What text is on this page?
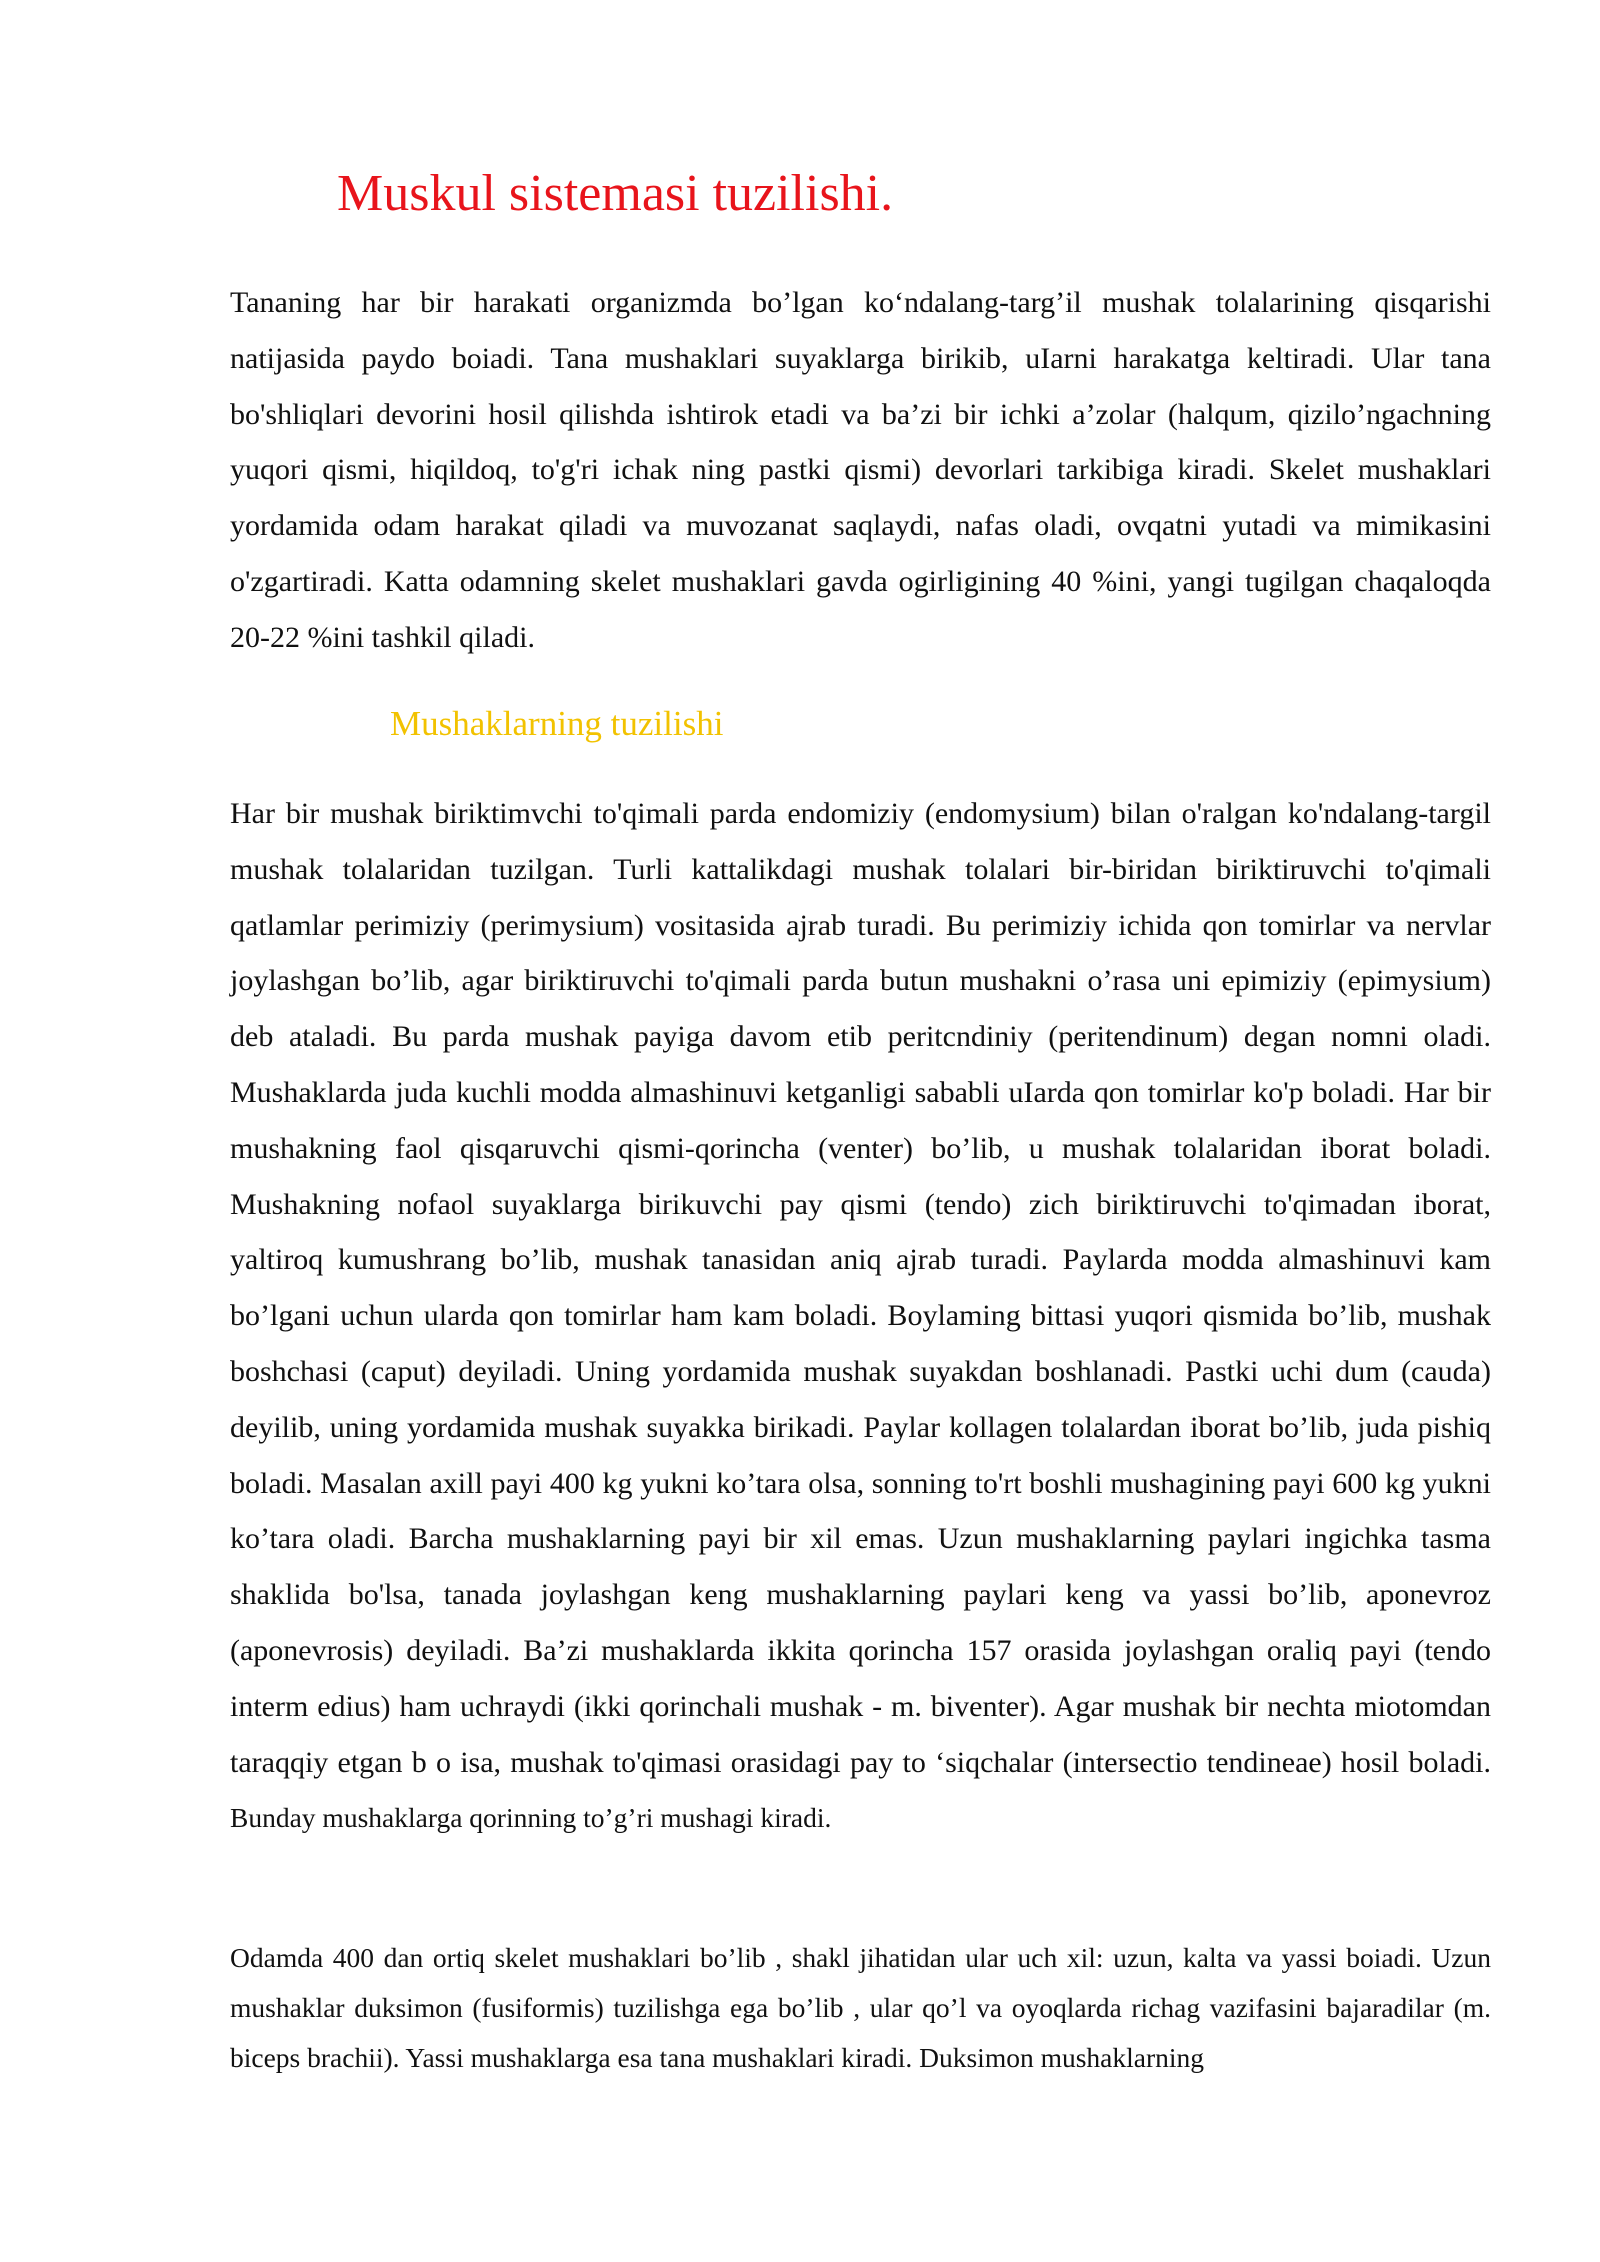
Muskul sistemasi tuzilishi.

Tananing har bir harakati organizmda bo’lgan ko‘ndalang-targ’il mushak tolalarining qisqarishi natijasida paydo boiadi. Tana mushaklari suyaklarga birikib, uIarni harakatga keltiradi. Ular tana bo'shliqlari devorini hosil qilishda ishtirok etadi va ba’zi bir ichki a’zolar (halqum, qizilo’ngachning yuqori qismi, hiqildoq, to'g'ri ichak ning pastki qismi) devorlari tarkibiga kiradi. Skelet mushaklari yordamida odam harakat qiladi va muvozanat saqlaydi, nafas oladi, ovqatni yutadi va mimikasini o'zgartiradi. Katta odamning skelet mushaklari gavda ogirligining 40 %ini, yangi tugilgan chaqaloqda 20-22 %ini tashkil qiladi.

Mushaklarning tuzilishi

Har bir mushak biriktimvchi to'qimali parda endomiziy (endomysium) bilan o'ralgan ko'ndalang-targil mushak tolalaridan tuzilgan. Turli kattalikdagi mushak tolalari bir-biridan biriktiruvchi to'qimali qatlamlar perimiziy (perimysium) vositasida ajrab turadi. Bu perimiziy ichida qon tomirlar va nervlar joylashgan bo’lib, agar biriktiruvchi to'qimali parda butun mushakni o’rasa uni epimiziy (epimysium) deb ataladi. Bu parda mushak payiga davom etib peritcndiniy (peritendinum) degan nomni oladi. Mushaklarda juda kuchli modda almashinuvi ketganligi sababli uIarda qon tomirlar ko'p boladi. Har bir mushakning faol qisqaruvchi qismi-qorincha (venter) bo’lib, u mushak tolalaridan iborat boladi. Mushakning nofaol suyaklarga birikuvchi pay qismi (tendo) zich biriktiruvchi to'qimadan iborat, yaltiroq kumushrang bo’lib, mushak tanasidan aniq ajrab turadi. Paylarda modda almashinuvi kam bo’lgani uchun ularda qon tomirlar ham kam boladi. Boylaming bittasi yuqori qismida bo’lib, mushak boshchasi (caput) deyiladi. Uning yordamida mushak suyakdan boshlanadi. Pastki uchi dum (cauda) deyilib, uning yordamida mushak suyakka birikadi. Paylar kollagen tolalardan iborat bo’lib, juda pishiq boladi. Masalan axill payi 400 kg yukni ko’tara olsa, sonning to'rt boshli mushagining payi 600 kg yukni ko’tara oladi. Barcha mushaklarning payi bir xil emas. Uzun mushaklarning paylari ingichka tasma shaklida bo'lsa, tanada joylashgan keng mushaklarning paylari keng va yassi bo’lib, aponevroz (aponevrosis) deyiladi. Ba’zi mushaklarda ikkita qorincha 157 orasida joylashgan oraliq payi (tendo interm edius) ham uchraydi (ikki qorinchali mushak - m. biventer). Agar mushak bir nechta miotomdan taraqqiy etgan b o isa, mushak to'qimasi orasidagi pay to ‘siqchalar (intersectio tendineae) hosil boladi. Bunday mushaklarga qorinning to’g’ri mushagi kiradi.

Odamda 400 dan ortiq skelet mushaklari bo’lib , shakl jihatidan ular uch xil: uzun, kalta va yassi boiadi. Uzun mushaklar duksimon (fusiformis) tuzilishga ega bo’lib , ular qo’l va oyoqlarda richag vazifasini bajaradilar (m. biceps brachii). Yassi mushaklarga esa tana mushaklari kiradi. Duksimon mushaklarning
